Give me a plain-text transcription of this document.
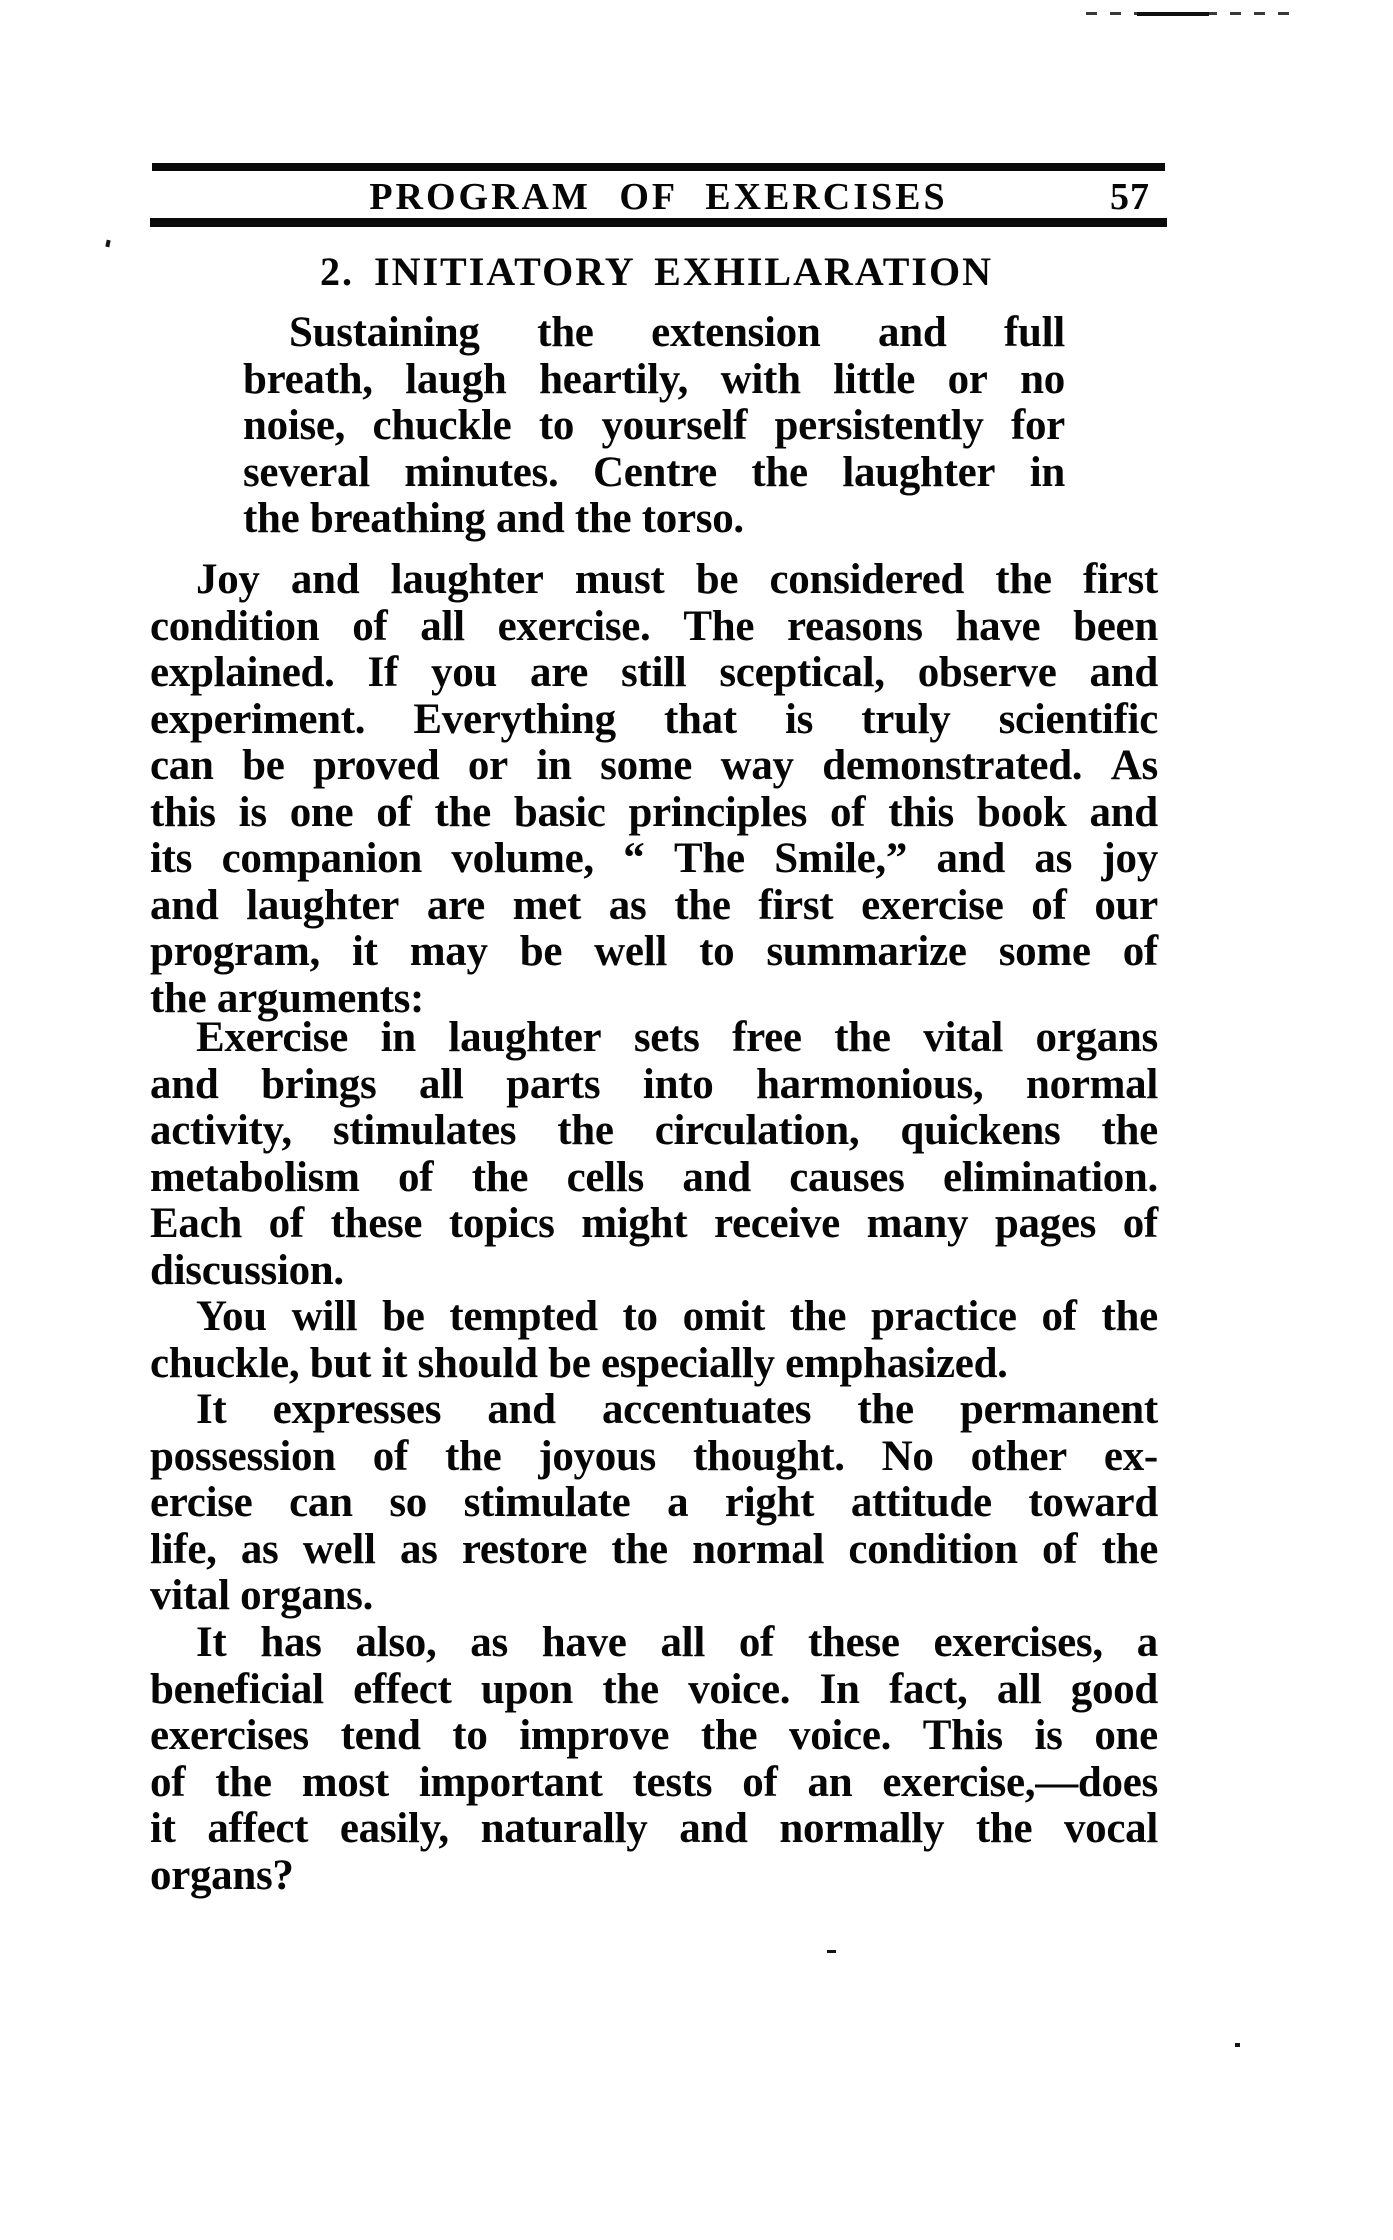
PROGRAM OF EXERCISES	57
2. INITIATORY EXHILARATION
Sustaining the extension and full
breath, laugh heartily, with little or no
noise, chuckle to yourself persistently for
several minutes. Centre the laughter in
the breathing and the torso.
Joy and laughter must be considered the first
condition of all exercise. The reasons have been
explained. If you are still sceptical, observe and
experiment. Everything that is truly scientific
can be proved or in some way demonstrated. As
this is one of the basic principles of this book and
its companion volume, “ The Smile,” and as joy
and laughter are met as the first exercise of our
program, it may be well to summarize some of
the arguments:
Exercise in laughter sets free the vital organs
and brings all parts into harmonious, normal
activity, stimulates the circulation, quickens the
metabolism of the cells and causes elimination.
Each of these topics might receive many pages of
discussion.
You will be tempted to omit the practice of the
chuckle, but it should be especially emphasized.
It expresses and accentuates the permanent
possession of the joyous thought. No other ex-
ercise can so stimulate a right attitude toward
life, as well as restore the normal condition of the
vital organs.
It has also, as have all of these exercises, a
beneficial effect upon the voice. In fact, all good
exercises tend to improve the voice. This is one
of the most important tests of an exercise,—does
it affect easily, naturally and normally the vocal
organs?
